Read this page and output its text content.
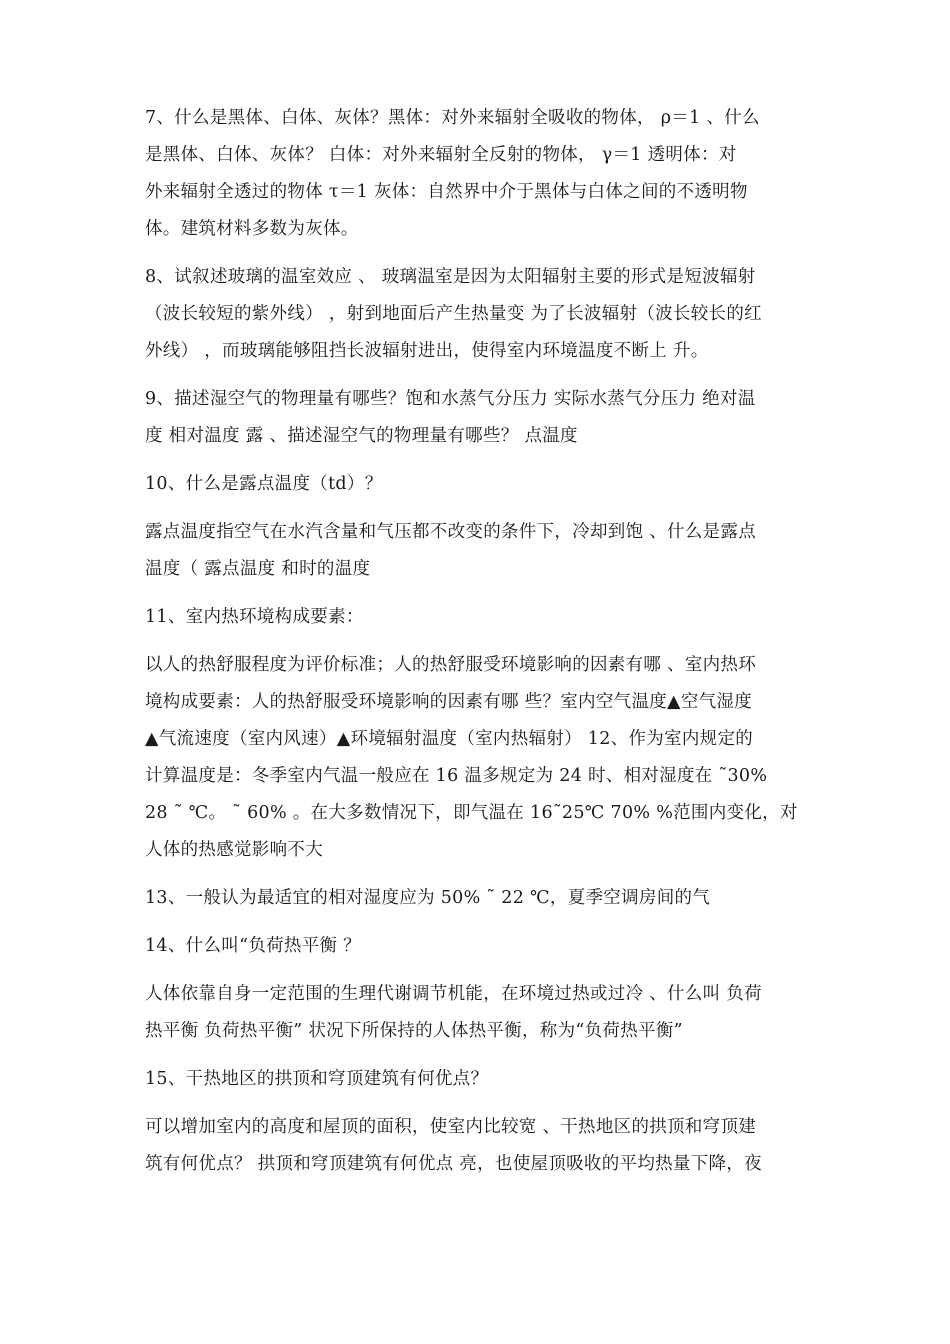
7、什么是黑体、白体、灰体？黑体：对外来辐射全吸收的物体， ρ＝1 、什么
是黑体、白体、灰体？ 白体：对外来辐射全反射的物体， γ＝1 透明体：对
外来辐射全透过的物体 τ＝1 灰体：自然界中介于黑体与白体之间的不透明物
体。建筑材料多数为灰体。
8、试叙述玻璃的温室效应 、 玻璃温室是因为太阳辐射主要的形式是短波辐射
（波长较短的紫外线） ，射到地面后产生热量变 为了长波辐射（波长较长的红
外线） ，而玻璃能够阻挡长波辐射进出，使得室内环境温度不断上 升。
9、描述湿空气的物理量有哪些？饱和水蒸气分压力 实际水蒸气分压力 绝对温
度 相对温度 露 、描述湿空气的物理量有哪些？ 点温度
10、什么是露点温度（td）？
露点温度指空气在水汽含量和气压都不改变的条件下，冷却到饱 、什么是露点
温度（ 露点温度 和时的温度
11、室内热环境构成要素：
以人的热舒服程度为评价标准；人的热舒服受环境影响的因素有哪 、室内热环
境构成要素：人的热舒服受环境影响的因素有哪 些？室内空气温度▲空气湿度
▲气流速度（室内风速）▲环境辐射温度（室内热辐射） 12、作为室内规定的
计算温度是：冬季室内气温一般应在 16 温多规定为 24 时、相对湿度在 ˜30%
28 ˜ ℃。 ˜ 60% 。在大多数情况下，即气温在 16˜25℃ 70% %范围内变化，对
人体的热感觉影响不大
13、一般认为最适宜的相对湿度应为 50% ˜ 22 ℃，夏季空调房间的气
14、什么叫“负荷热平衡 ？
人体依靠自身一定范围的生理代谢调节机能，在环境过热或过冷 、什么叫 负荷
热平衡 负荷热平衡” 状况下所保持的人体热平衡，称为“负荷热平衡”
15、干热地区的拱顶和穹顶建筑有何优点？
可以增加室内的高度和屋顶的面积，使室内比较宽 、干热地区的拱顶和穹顶建
筑有何优点？ 拱顶和穹顶建筑有何优点 亮，也使屋顶吸收的平均热量下降，夜
